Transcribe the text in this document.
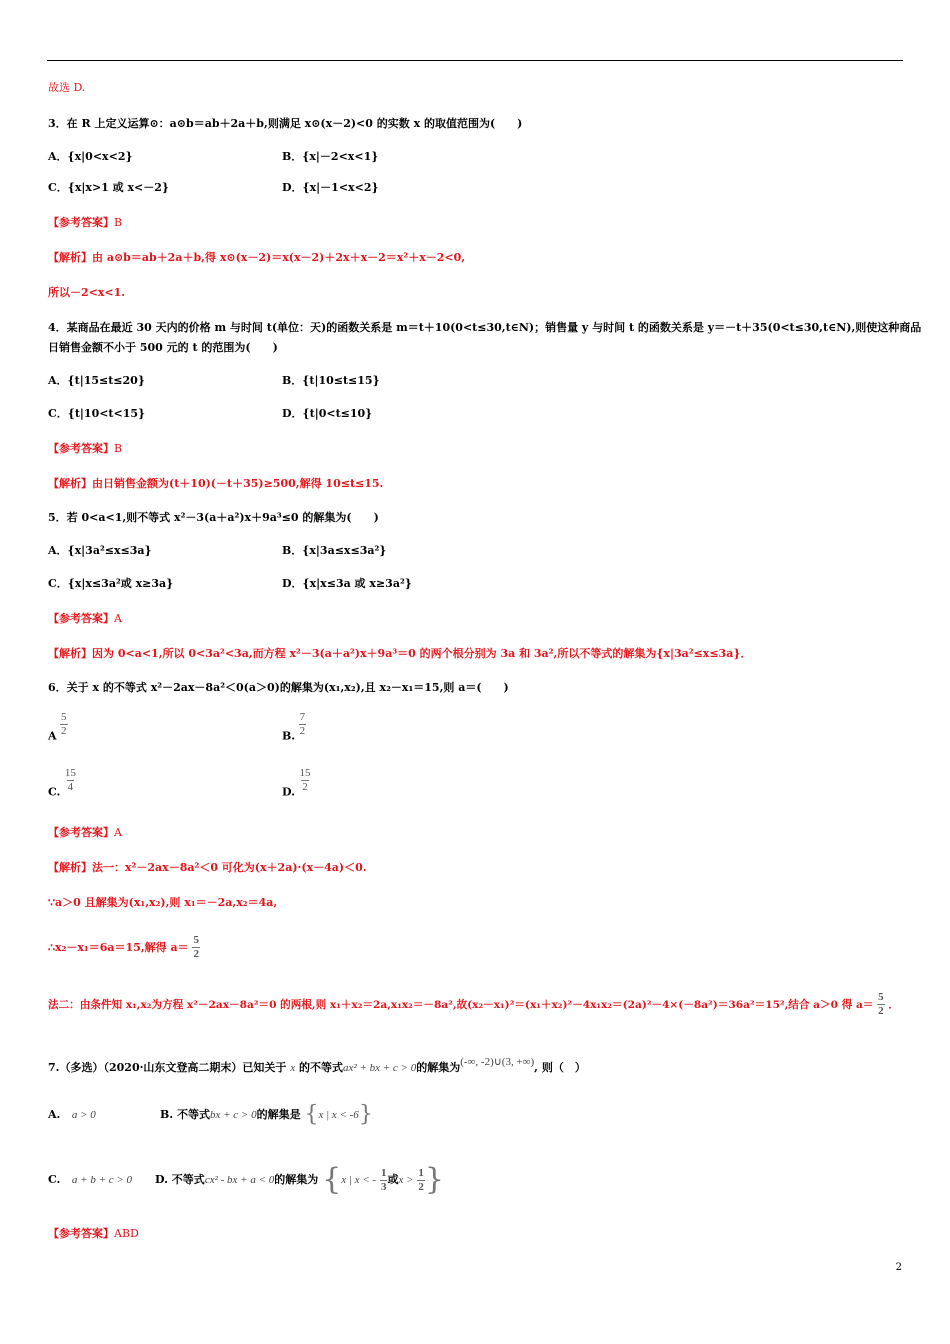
故选 D.
3．在 R 上定义运算⊙：a⊙b＝ab＋2a＋b,则满足 x⊙(x－2)<0 的实数 x 的取值范围为(　　)
A．{x|0<x<2}	B．{x|－2<x<1}
C．{x|x>1 或 x<－2}	D．{x|－1<x<2}
【参考答案】B
【解析】由 a⊙b＝ab＋2a＋b,得 x⊙(x－2)＝x(x－2)＋2x＋x－2＝x²＋x－2<0,
所以－2<x<1.
4．某商品在最近 30 天内的价格 m 与时间 t(单位：天)的函数关系是 m＝t＋10(0<t≤30,t∈N)；销售量 y 与时间 t 的函数关系是 y＝－t＋35(0<t≤30,t∈N),则使这种商品
日销售金额不小于 500 元的 t 的范围为(　　)
A．{t|15≤t≤20}	B．{t|10≤t≤15}
C．{t|10<t<15}	D．{t|0<t≤10}
【参考答案】B
【解析】由日销售金额为(t＋10)(－t＋35)≥500,解得 10≤t≤15.
5．若 0<a<1,则不等式 x²－3(a＋a²)x＋9a³≤0 的解集为(　　)
A．{x|3a²≤x≤3a}	B．{x|3a≤x≤3a²}
C．{x|x≤3a²或 x≥3a}	D．{x|x≤3a 或 x≥3a²}
【参考答案】A
【解析】因为 0<a<1,所以 0<3a²<3a,而方程 x²－3(a＋a²)x＋9a³＝0 的两个根分别为 3a 和 3a²,所以不等式的解集为{x|3a²≤x≤3a}．
6．关于 x 的不等式 x²－2ax－8a²＜0(a＞0)的解集为(x₁,x₂),且 x₂－x₁＝15,则 a＝(　　)
A $\frac{5}{2}$	B. $\frac{7}{2}$
C. $\frac{15}{4}$	D. $\frac{15}{2}$
【参考答案】A
【解析】法一：x²－2ax－8a²＜0 可化为(x＋2a)·(x－4a)＜0.
∵a＞0 且解集为(x₁,x₂),则 x₁＝－2a,x₂＝4a,
∴x₂－x₁＝6a＝15,解得 $a= \frac{5}{2}$
法二：由条件知 x₁,x₂为方程 x²－2ax－8a²＝0 的两根,则 x₁＋x₂＝2a,x₁x₂＝－8a²,故(x₂－x₁)²＝(x₁＋x₂)²－4x₁x₂＝(2a)²－4×(－8a²)＝36a²＝15²,结合 a＞0 得 $a= \frac{5}{2}$ ．
7.（多选）（2020·山东文登高二期末）已知关于 x 的不等式ax² + bx + c > 0的解集为(-∞, -2)∪(3, +∞), 则（　）
A. a > 0	B. 不等式bx + c > 0的解集是 {x | x < -6}
C. a + b + c > 0 D. 不等式cx² - bx + a < 0的解集为 {x | x < - $\frac{1}{3}$ 或$x > \frac{1}{2}$ }
【参考答案】ABD
2
